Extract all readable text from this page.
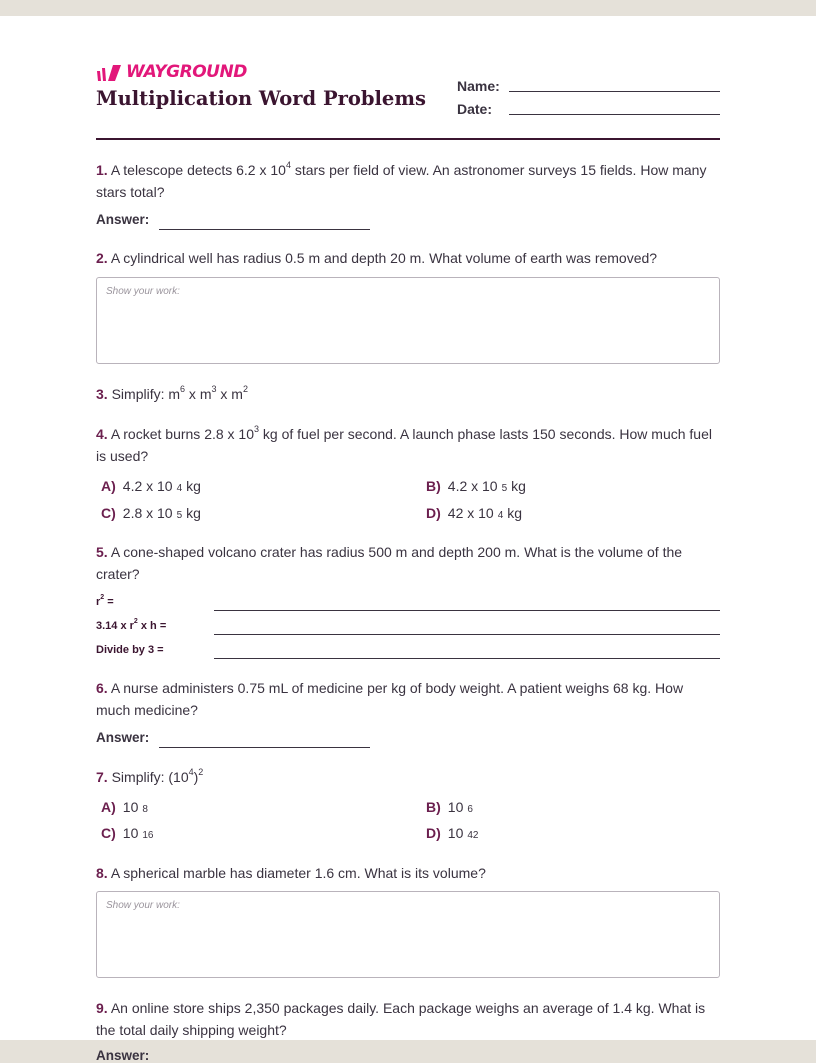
WAYGROUND
Multiplication Word Problems
Name:
Date:
1. A telescope detects 6.2 x $10^4$ stars per field of view. An astronomer surveys 15 fields. How many stars total?
Answer:
2. A cylindrical well has radius 0.5 m and depth 20 m. What volume of earth was removed?
Show your work:
3. Simplify: $m^6$ x $m^3$ x $m^2$
4. A rocket burns 2.8 x $10^3$ kg of fuel per second. A launch phase lasts 150 seconds. How much fuel is used?
A) 4.2 x 10 4 kg	B) 4.2 x 10 5 kg
C) 2.8 x 10 5 kg	D) 42 x 10 4 kg
5. A cone-shaped volcano crater has radius 500 m and depth 200 m. What is the volume of the crater?
$r^2$ =
3.14 x $r^2$ x h =
Divide by 3 =
6. A nurse administers 0.75 mL of medicine per kg of body weight. A patient weighs 68 kg. How much medicine?
Answer:
7. Simplify: $(10^4)^2$
A) 10 8	B) 10 6
C) 10 16	D) 10 42
8. A spherical marble has diameter 1.6 cm. What is its volume?
Show your work:
9. An online store ships 2,350 packages daily. Each package weighs an average of 1.4 kg. What is the total daily shipping weight?
Answer:
